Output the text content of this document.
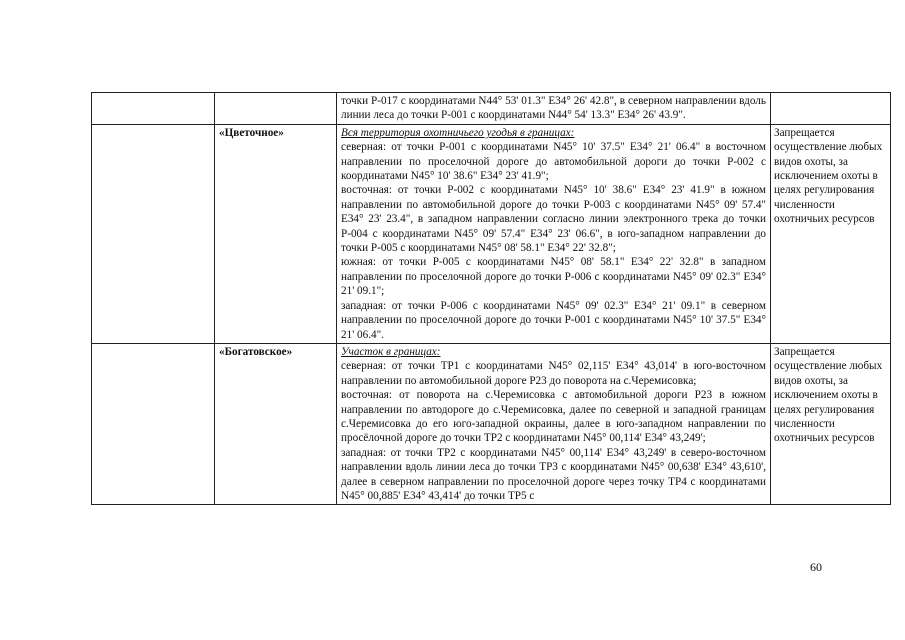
		точки Р-017 с координатами N44° 53' 01.3" E34° 26' 42.8", в северном направлении вдоль линии леса до точки Р-001 с координатами N44° 54' 13.3" E34° 26' 43.9".	

	«Цветочное»	Вся территория охотничьего угодья в границах:

северная: от точки Р-001 с координатами N45° 10' 37.5" E34° 21' 06.4" в восточном направлении по проселочной дороге до автомобильной дороги до точки Р-002 с координатами N45° 10' 38.6" E34° 23' 41.9";

восточная: от точки Р-002 с координатами N45° 10' 38.6" E34° 23' 41.9" в южном направлении по автомобильной дороге до точки Р-003 с координатами N45° 09' 57.4" E34° 23' 23.4", в западном направлении согласно линии электронного трека до точки Р-004 с координатами N45° 09' 57.4" E34° 23' 06.6", в юго-западном направлении до точки Р-005 с координатами N45° 08' 58.1" E34° 22' 32.8";

южная: от точки Р-005 с координатами N45° 08' 58.1" E34° 22' 32.8" в западном направлении по проселочной дороге до точки Р-006 с координатами N45° 09' 02.3" E34° 21' 09.1";

западная: от точки Р-006 с координатами N45° 09' 02.3" E34° 21' 09.1" в северном направлении по проселочной дороге до точки Р-001 с координатами N45° 10' 37.5" E34° 21' 06.4".	Запрещается осуществление любых видов охоты, за исключением охоты в целях регулирования численности охотничьих ресурсов
	«Богатовское»	Участок в границах:

северная: от точки ТР1 с координатами N45° 02,115' E34° 43,014' в юго-восточном направлении по автомобильной дороге Р23 до поворота на с.Черемисовка;

восточная: от поворота на с.Черемисовка с автомобильной дороги Р23 в южном направлении по автодороге до с.Черемисовка, далее по северной и западной границам с.Черемисовка до его юго-западной окраины, далее в юго-западном направлении по просёлочной дороге до точки ТР2 с координатами N45° 00,114' E34° 43,249';

западная: от точки ТР2 с координатами N45° 00,114' E34° 43,249' в северо-восточном направлении вдоль линии леса до точки ТР3 с координатами N45° 00,638' E34° 43,610', далее в северном направлении по проселочной дороге через точку ТР4 с координатами N45° 00,885' E34° 43,414' до точки ТР5 с	Запрещается осуществление любых видов охоты, за исключением охоты в целях регулирования численности охотничьих ресурсов
60
